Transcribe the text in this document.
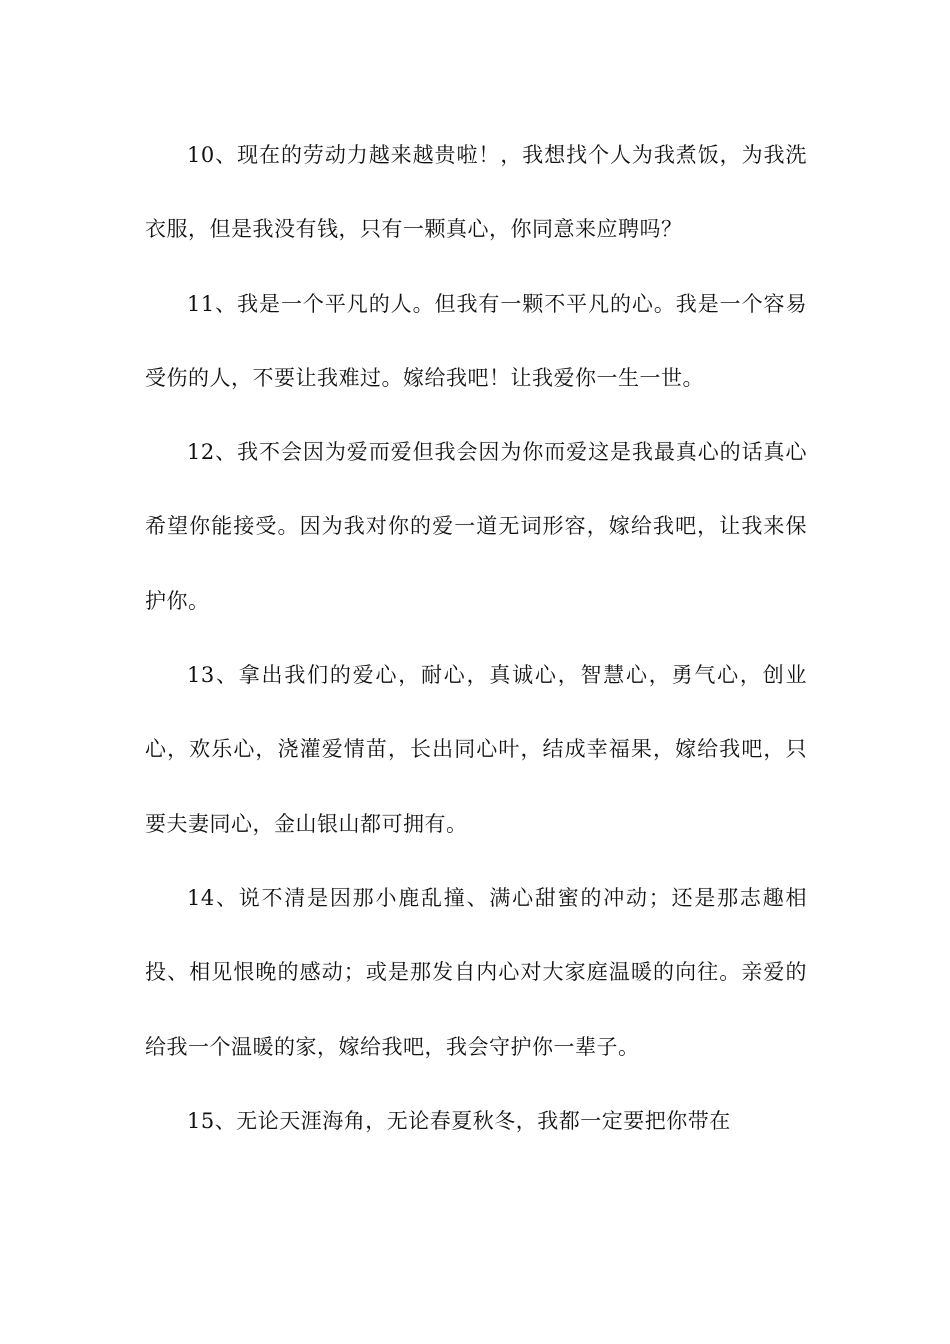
10、现在的劳动力越来越贵啦！，我想找个人为我煮饭，为我洗衣服，但是我没有钱，只有一颗真心，你同意来应聘吗？

11、我是一个平凡的人。但我有一颗不平凡的心。我是一个容易受伤的人，不要让我难过。嫁给我吧！让我爱你一生一世。

12、我不会因为爱而爱但我会因为你而爱这是我最真心的话真心希望你能接受。因为我对你的爱一道无词形容，嫁给我吧，让我来保护你。

13、拿出我们的爱心，耐心，真诚心，智慧心，勇气心，创业心，欢乐心，浇灌爱情苗，长出同心叶，结成幸福果，嫁给我吧，只要夫妻同心，金山银山都可拥有。

14、说不清是因那小鹿乱撞、满心甜蜜的冲动；还是那志趣相投、相见恨晚的感动；或是那发自内心对大家庭温暖的向往。亲爱的给我一个温暖的家，嫁给我吧，我会守护你一辈子。

15、无论天涯海角，无论春夏秋冬，我都一定要把你带在
